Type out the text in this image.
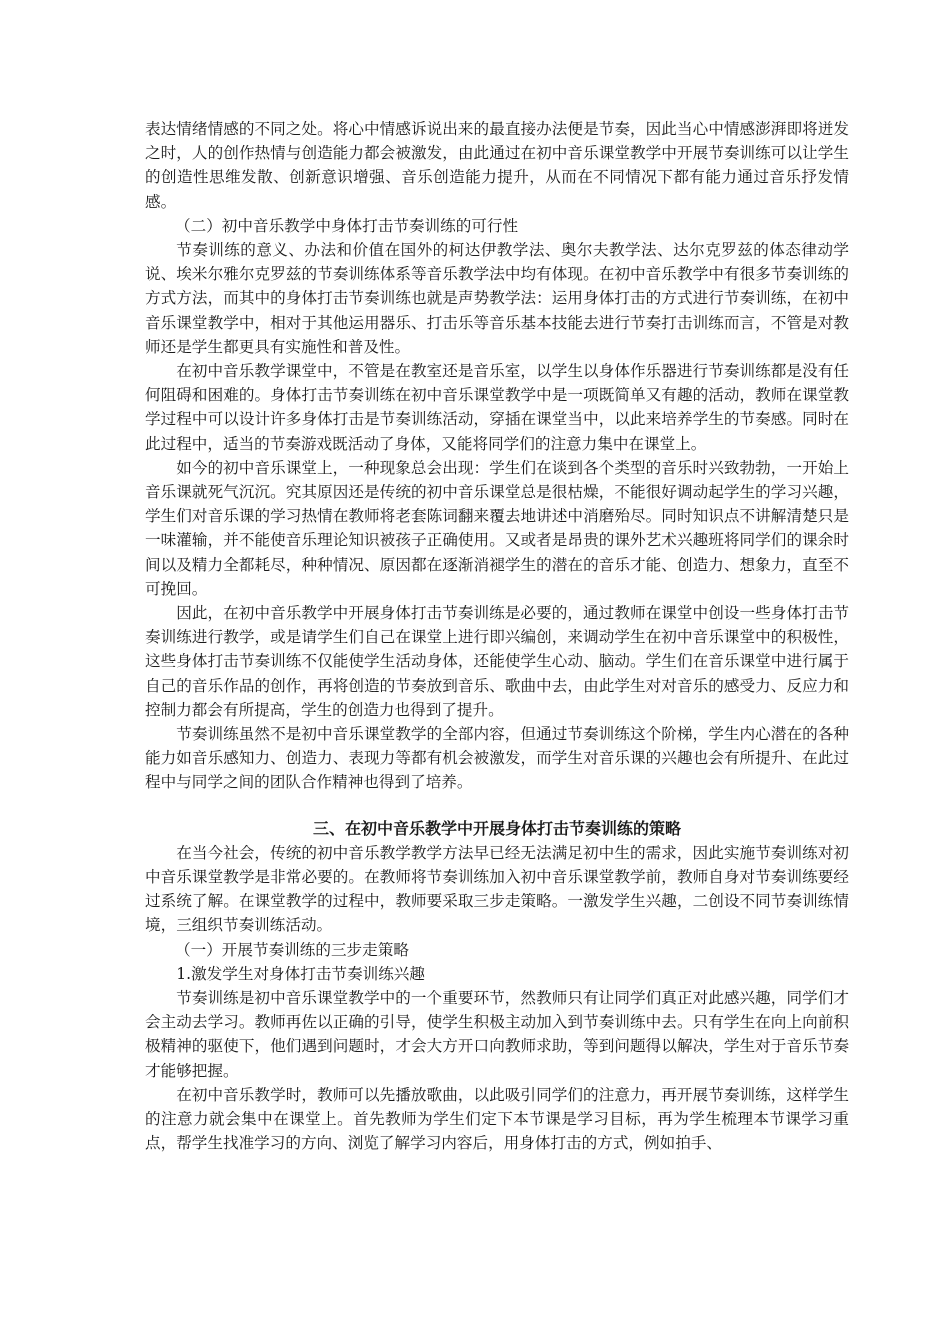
表达情绪情感的不同之处。将心中情感诉说出来的最直接办法便是节奏，因此当心中情感澎湃即将迸发之时，人的创作热情与创造能力都会被激发，由此通过在初中音乐课堂教学中开展节奏训练可以让学生的创造性思维发散、创新意识增强、音乐创造能力提升，从而在不同情况下都有能力通过音乐抒发情感。

（二）初中音乐教学中身体打击节奏训练的可行性

节奏训练的意义、办法和价值在国外的柯达伊教学法、奥尔夫教学法、达尔克罗兹的体态律动学说、埃米尔雅尔克罗兹的节奏训练体系等音乐教学法中均有体现。在初中音乐教学中有很多节奏训练的方式方法，而其中的身体打击节奏训练也就是声势教学法：运用身体打击的方式进行节奏训练，在初中音乐课堂教学中，相对于其他运用器乐、打击乐等音乐基本技能去进行节奏打击训练而言，不管是对教师还是学生都更具有实施性和普及性。

在初中音乐教学课堂中，不管是在教室还是音乐室，以学生以身体作乐器进行节奏训练都是没有任何阻碍和困难的。身体打击节奏训练在初中音乐课堂教学中是一项既简单又有趣的活动，教师在课堂教学过程中可以设计许多身体打击是节奏训练活动，穿插在课堂当中，以此来培养学生的节奏感。同时在此过程中，适当的节奏游戏既活动了身体，又能将同学们的注意力集中在课堂上。

如今的初中音乐课堂上，一种现象总会出现：学生们在谈到各个类型的音乐时兴致勃勃，一开始上音乐课就死气沉沉。究其原因还是传统的初中音乐课堂总是很枯燥，不能很好调动起学生的学习兴趣，学生们对音乐课的学习热情在教师将老套陈词翻来覆去地讲述中消磨殆尽。同时知识点不讲解清楚只是一味灌输，并不能使音乐理论知识被孩子正确使用。又或者是昂贵的课外艺术兴趣班将同学们的课余时间以及精力全都耗尽，种种情况、原因都在逐渐消褪学生的潜在的音乐才能、创造力、想象力，直至不可挽回。

因此，在初中音乐教学中开展身体打击节奏训练是必要的，通过教师在课堂中创设一些身体打击节奏训练进行教学，或是请学生们自己在课堂上进行即兴编创，来调动学生在初中音乐课堂中的积极性，这些身体打击节奏训练不仅能使学生活动身体，还能使学生心动、脑动。学生们在音乐课堂中进行属于自己的音乐作品的创作，再将创造的节奏放到音乐、歌曲中去，由此学生对对音乐的感受力、反应力和控制力都会有所提高，学生的创造力也得到了提升。

节奏训练虽然不是初中音乐课堂教学的全部内容，但通过节奏训练这个阶梯，学生内心潜在的各种能力如音乐感知力、创造力、表现力等都有机会被激发，而学生对音乐课的兴趣也会有所提升、在此过程中与同学之间的团队合作精神也得到了培养。

三、在初中音乐教学中开展身体打击节奏训练的策略

在当今社会，传统的初中音乐教学教学方法早已经无法满足初中生的需求，因此实施节奏训练对初中音乐课堂教学是非常必要的。在教师将节奏训练加入初中音乐课堂教学前，教师自身对节奏训练要经过系统了解。在课堂教学的过程中，教师要采取三步走策略。一激发学生兴趣，二创设不同节奏训练情境，三组织节奏训练活动。

（一）开展节奏训练的三步走策略

1.激发学生对身体打击节奏训练兴趣

节奏训练是初中音乐课堂教学中的一个重要环节，然教师只有让同学们真正对此感兴趣，同学们才会主动去学习。教师再佐以正确的引导，使学生积极主动加入到节奏训练中去。只有学生在向上向前积极精神的驱使下，他们遇到问题时，才会大方开口向教师求助，等到问题得以解决，学生对于音乐节奏才能够把握。

在初中音乐教学时，教师可以先播放歌曲，以此吸引同学们的注意力，再开展节奏训练，这样学生的注意力就会集中在课堂上。首先教师为学生们定下本节课是学习目标，再为学生梳理本节课学习重点，帮学生找准学习的方向、浏览了解学习内容后，用身体打击的方式，例如拍手、
